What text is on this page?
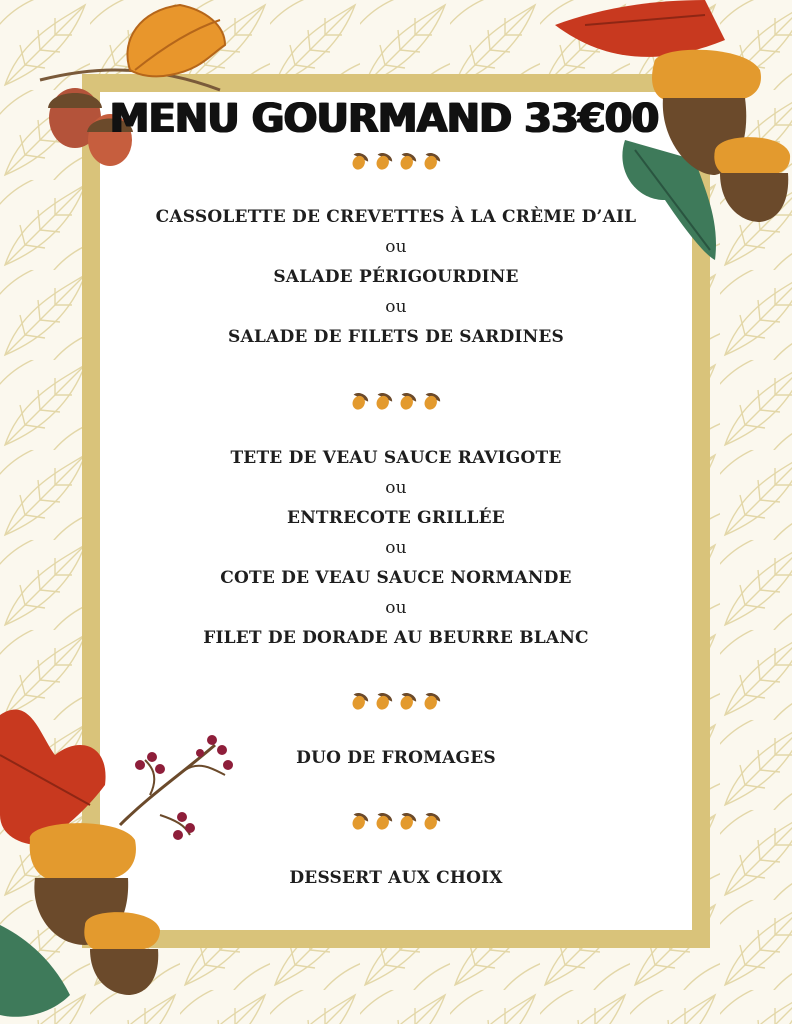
MENU GOURMAND 33€00
CASSOLETTE DE CREVETTES À LA CRÈME D’AIL
ou
SALADE PÉRIGOURDINE
ou
SALADE DE FILETS DE SARDINES
TETE DE VEAU SAUCE RAVIGOTE
ou
ENTRECOTE GRILLÉE
ou
COTE DE VEAU SAUCE NORMANDE
ou
FILET DE DORADE AU BEURRE BLANC
DUO DE FROMAGES
DESSERT AUX CHOIX
